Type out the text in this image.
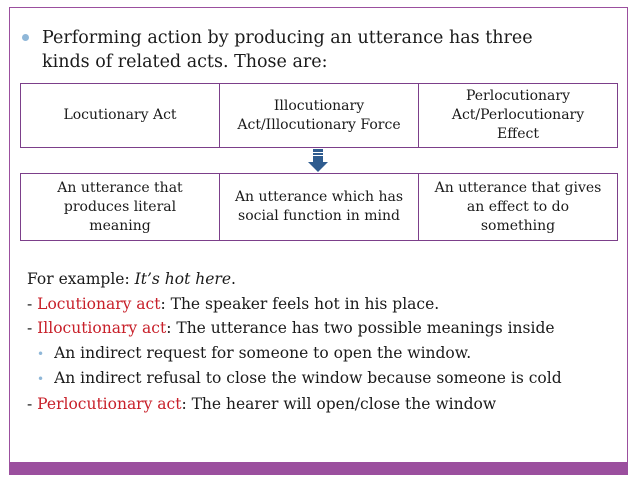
Performing action by producing an utterance has three
kinds of related acts. Those are:
Locutionary Act
Illocutionary
Act/Illocutionary Force
Perlocutionary
Act/Perlocutionary
Effect
An utterance that
produces literal
meaning
An utterance which has
social function in mind
An utterance that gives
an effect to do
something
For example: It’s hot here.
- Locutionary act: The speaker feels hot in his place.
- Illocutionary act: The utterance has two possible meanings inside
• An indirect request for someone to open the window.
• An indirect refusal to close the window because someone is cold
- Perlocutionary act: The hearer will open/close the window
